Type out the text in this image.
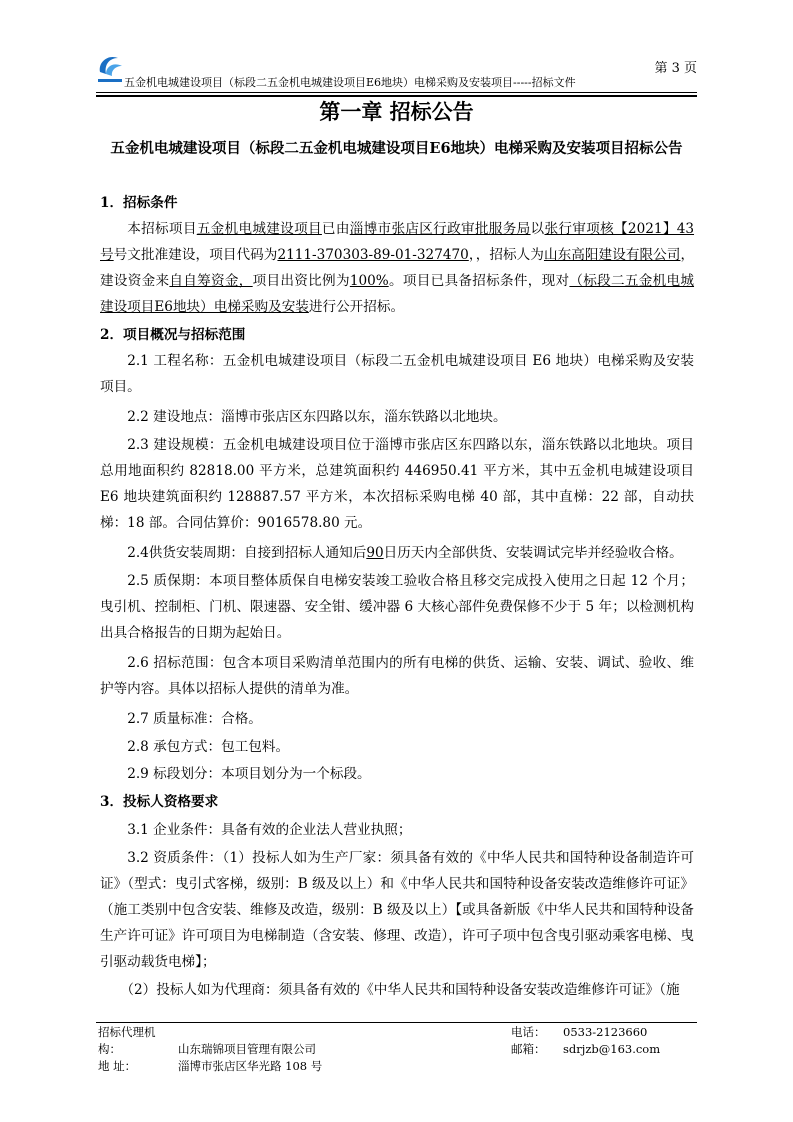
第 3 页
五金机电城建设项目（标段二五金机电城建设项目E6地块）电梯采购及安装项目-----招标文件
第一章 招标公告
五金机电城建设项目（标段二五金机电城建设项目E6地块）电梯采购及安装项目招标公告
1．招标条件
本招标项目五金机电城建设项目已由淄博市张店区行政审批服务局以张行审项核【2021】43号号文批准建设，项目代码为2111-370303-89-01-327470，，招标人为山东高阳建设有限公司，建设资金来自自筹资金，项目出资比例为100%。项目已具备招标条件，现对（标段二五金机电城建设项目E6地块）电梯采购及安装进行公开招标。
2．项目概况与招标范围
2.1 工程名称：五金机电城建设项目（标段二五金机电城建设项目 E6 地块）电梯采购及安装项目。
2.2 建设地点：淄博市张店区东四路以东，淄东铁路以北地块。
2.3 建设规模：五金机电城建设项目位于淄博市张店区东四路以东，淄东铁路以北地块。项目总用地面积约 82818.00 平方米，总建筑面积约 446950.41 平方米，其中五金机电城建设项目 E6 地块建筑面积约 128887.57 平方米，本次招标采购电梯 40 部，其中直梯：22 部，自动扶梯：18 部。合同估算价：9016578.80 元。
2.4供货安装周期：自接到招标人通知后90日历天内全部供货、安装调试完毕并经验收合格。
2.5 质保期：本项目整体质保自电梯安装竣工验收合格且移交完成投入使用之日起 12 个月；曳引机、控制柜、门机、限速器、安全钳、缓冲器 6 大核心部件免费保修不少于 5 年；以检测机构出具合格报告的日期为起始日。
2.6 招标范围：包含本项目采购清单范围内的所有电梯的供货、运输、安装、调试、验收、维护等内容。具体以招标人提供的清单为准。
2.7 质量标准：合格。
2.8 承包方式：包工包料。
2.9 标段划分：本项目划分为一个标段。
3．投标人资格要求
3.1 企业条件：具备有效的企业法人营业执照；
3.2 资质条件：（1）投标人如为生产厂家：须具备有效的《中华人民共和国特种设备制造许可证》（型式：曳引式客梯，级别：B 级及以上）和《中华人民共和国特种设备安装改造维修许可证》（施工类别中包含安装、维修及改造，级别：B 级及以上）【或具备新版《中华人民共和国特种设备生产许可证》许可项目为电梯制造（含安装、修理、改造），许可子项中包含曳引驱动乘客电梯、曳引驱动载货电梯】；
（2）投标人如为代理商：须具备有效的《中华人民共和国特种设备安装改造维修许可证》（施
招标代理机构：	山东瑞锦项目管理有限公司
地 址：	淄博市张店区华光路 108 号
电话： 0533-2123660
邮箱： sdrjzb@163.com
